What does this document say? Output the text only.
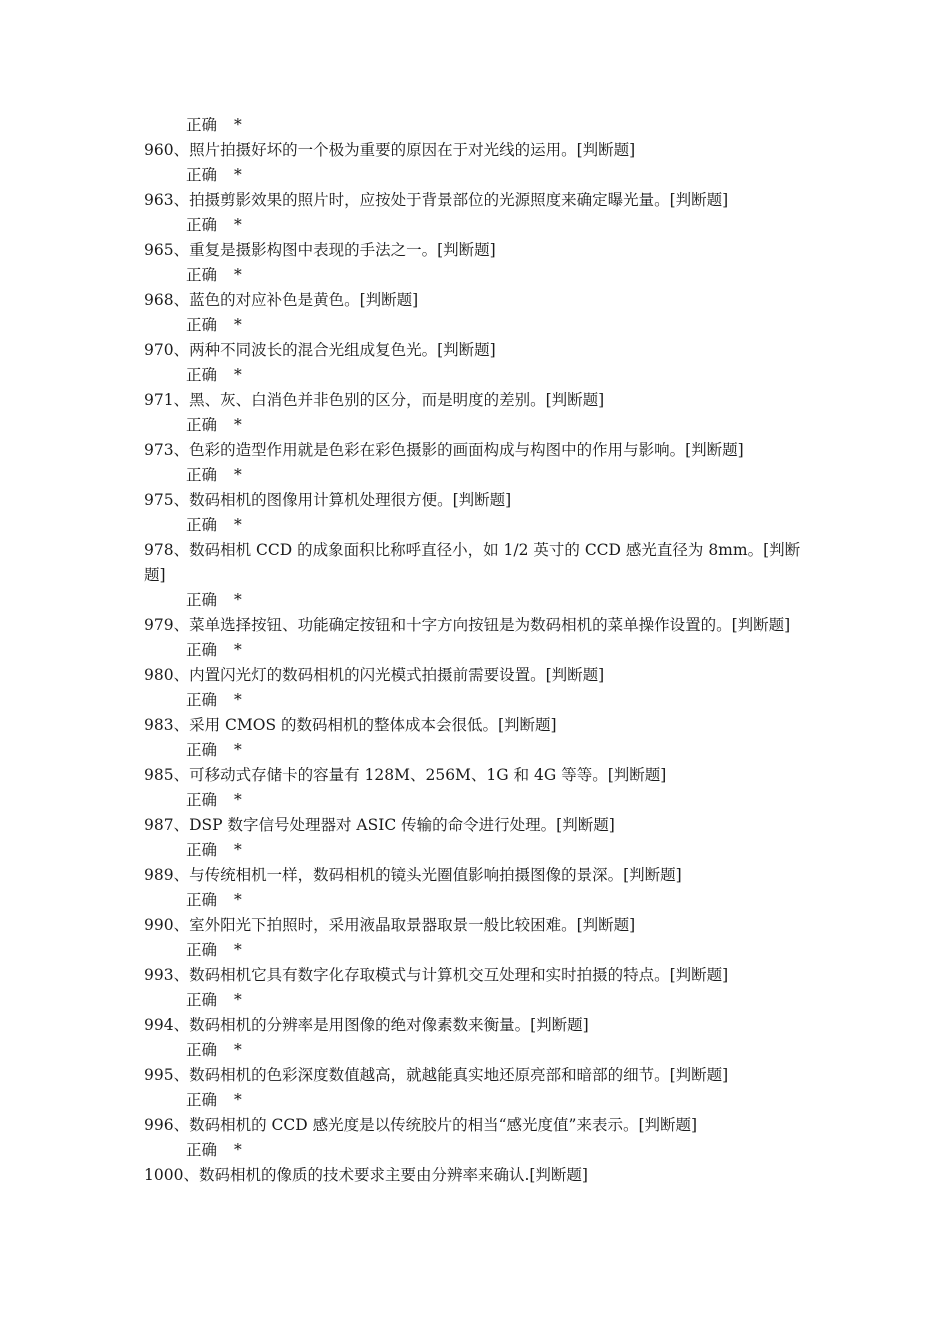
正确 *
960、照片拍摄好坏的一个极为重要的原因在于对光线的运用。[判断题]
正确 *
963、拍摄剪影效果的照片时，应按处于背景部位的光源照度来确定曝光量。[判断题]
正确 *
965、重复是摄影构图中表现的手法之一。[判断题]
正确 *
968、蓝色的对应补色是黄色。[判断题]
正确 *
970、两种不同波长的混合光组成复色光。[判断题]
正确 *
971、黑、灰、白消色并非色别的区分，而是明度的差别。[判断题]
正确 *
973、色彩的造型作用就是色彩在彩色摄影的画面构成与构图中的作用与影响。[判断题]
正确 *
975、数码相机的图像用计算机处理很方便。[判断题]
正确 *
978、数码相机 CCD 的成象面积比称呼直径小，如 1/2 英寸的 CCD 感光直径为 8mm。[判断题]
正确 *
979、菜单选择按钮、功能确定按钮和十字方向按钮是为数码相机的菜单操作设置的。[判断题]
正确 *
980、内置闪光灯的数码相机的闪光模式拍摄前需要设置。[判断题]
正确 *
983、采用 CMOS 的数码相机的整体成本会很低。[判断题]
正确 *
985、可移动式存储卡的容量有 128M、256M、1G 和 4G 等等。[判断题]
正确 *
987、DSP 数字信号处理器对 ASIC 传输的命令进行处理。[判断题]
正确 *
989、与传统相机一样，数码相机的镜头光圈值影响拍摄图像的景深。[判断题]
正确 *
990、室外阳光下拍照时，采用液晶取景器取景一般比较困难。[判断题]
正确 *
993、数码相机它具有数字化存取模式与计算机交互处理和实时拍摄的特点。[判断题]
正确 *
994、数码相机的分辨率是用图像的绝对像素数来衡量。[判断题]
正确 *
995、数码相机的色彩深度数值越高，就越能真实地还原亮部和暗部的细节。[判断题]
正确 *
996、数码相机的 CCD 感光度是以传统胶片的相当“感光度值”来表示。[判断题]
正确 *
1000、数码相机的像质的技术要求主要由分辨率来确认.[判断题]
